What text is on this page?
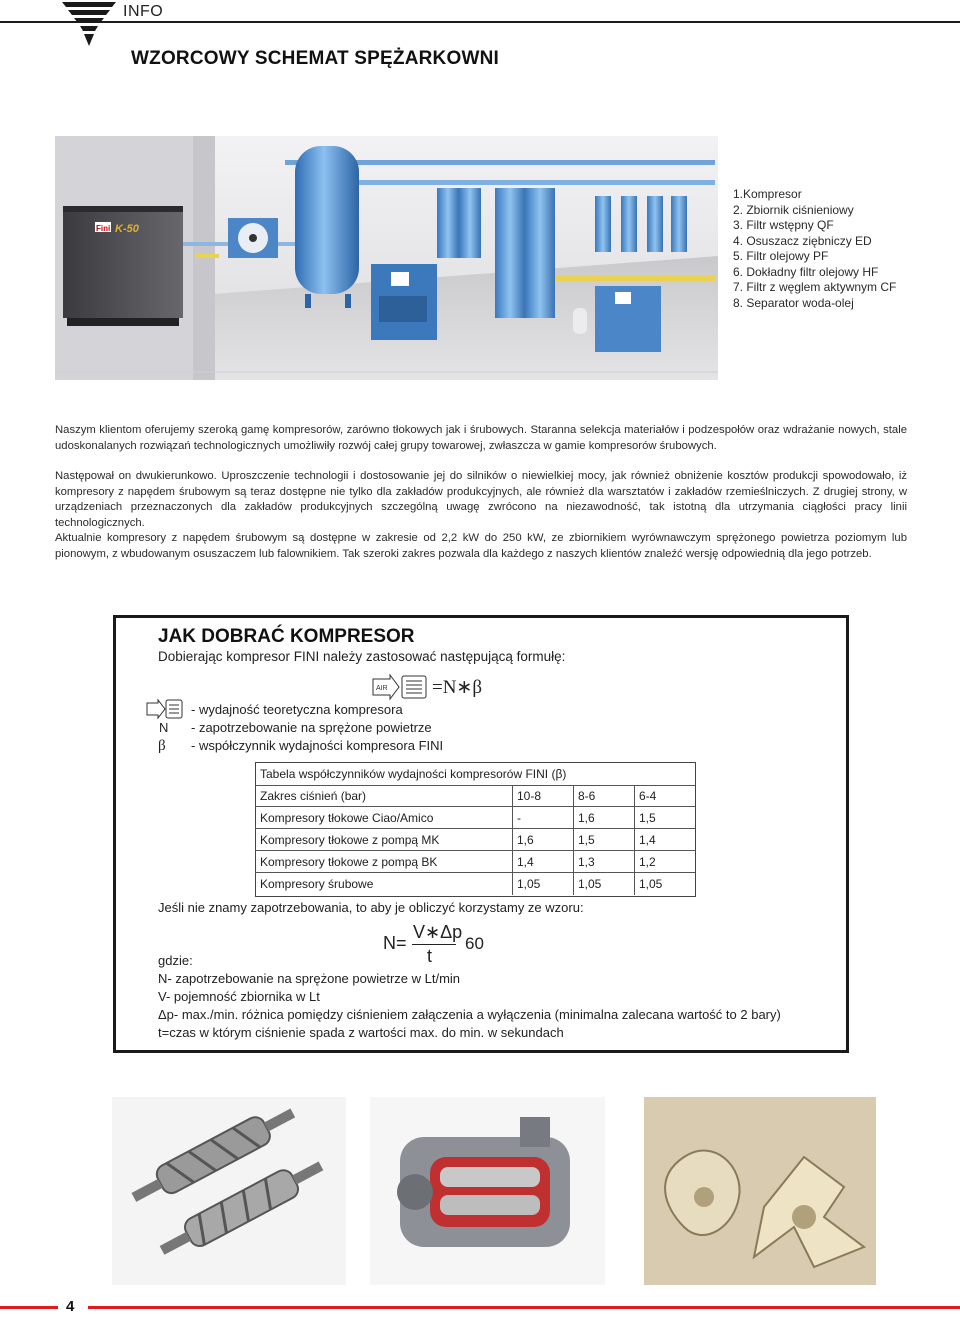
INFO
WZORCOWY SCHEMAT SPĘŻARKOWNI
Fini K-50
1.Kompresor
2. Zbiornik ciśnieniowy
3. Filtr wstępny QF
4. Osuszacz ziębniczy ED
5. Filtr olejowy PF
6. Dokładny filtr olejowy HF
7. Filtr z węglem aktywnym CF
8. Separator woda-olej
Naszym klientom oferujemy szeroką gamę kompresorów, zarówno tłokowych jak i śrubowych. Staranna selekcja materiałów i podzespołów oraz wdrażanie nowych, stale udoskonalanych rozwiązań technologicznych umożliwiły rozwój całej grupy towarowej, zwłaszcza w gamie kompresorów śrubowych.
Następował on dwukierunkowo. Uproszczenie technologii i dostosowanie jej do silników o niewielkiej mocy, jak również obniżenie kosztów produkcji spowodowało, iż kompresory z napędem śrubowym są teraz dostępne nie tylko dla zakładów produkcyjnych, ale również dla warsztatów i zakładów rzemieślniczych. Z drugiej strony, w urządzeniach przeznaczonych dla zakładów produkcyjnych szczególną uwagę zwrócono na niezawodność, tak istotną dla utrzymania ciągłości pracy linii technologicznych.
Aktualnie kompresory z napędem śrubowym są dostępne w zakresie od 2,2 kW do 250 kW, ze zbiornikiem wyrównawczym sprężonego powietrza poziomym lub pionowym, z wbudowanym osuszaczem lub falownikiem. Tak szeroki zakres pozwala dla każdego z naszych klientów znaleźć wersję odpowiednią dla jego potrzeb.
JAK DOBRAĆ KOMPRESOR
Dobierając kompresor FINI należy zastosować następującą formułę:
AIR =N∗β
- wydajność teoretyczna kompresora
N - zapotrzebowanie na sprężone powietrze
β - współczynnik wydajności kompresora FINI
Tabela współczynników wydajności kompresorów FINI (β)
Zakres ciśnień (bar)	10-8	8-6	6-4
Kompresory tłokowe Ciao/Amico	-	1,6	1,5
Kompresory tłokowe z pompą MK	1,6	1,5	1,4
Kompresory tłokowe z pompą BK	1,4	1,3	1,2
Kompresory śrubowe	1,05	1,05	1,05
Jeśli nie znamy zapotrzebowania, to aby je obliczyć korzystamy ze wzoru:
N=
V∗Δp
t
60
gdzie:
N- zapotrzebowanie na sprężone powietrze w Lt/min
V- pojemność zbiornika w Lt
Δp- max./min. różnica pomiędzy ciśnieniem załączenia a wyłączenia (minimalna zalecana wartość to 2 bary)
t=czas w którym ciśnienie spada z wartości max. do min. w sekundach
4
